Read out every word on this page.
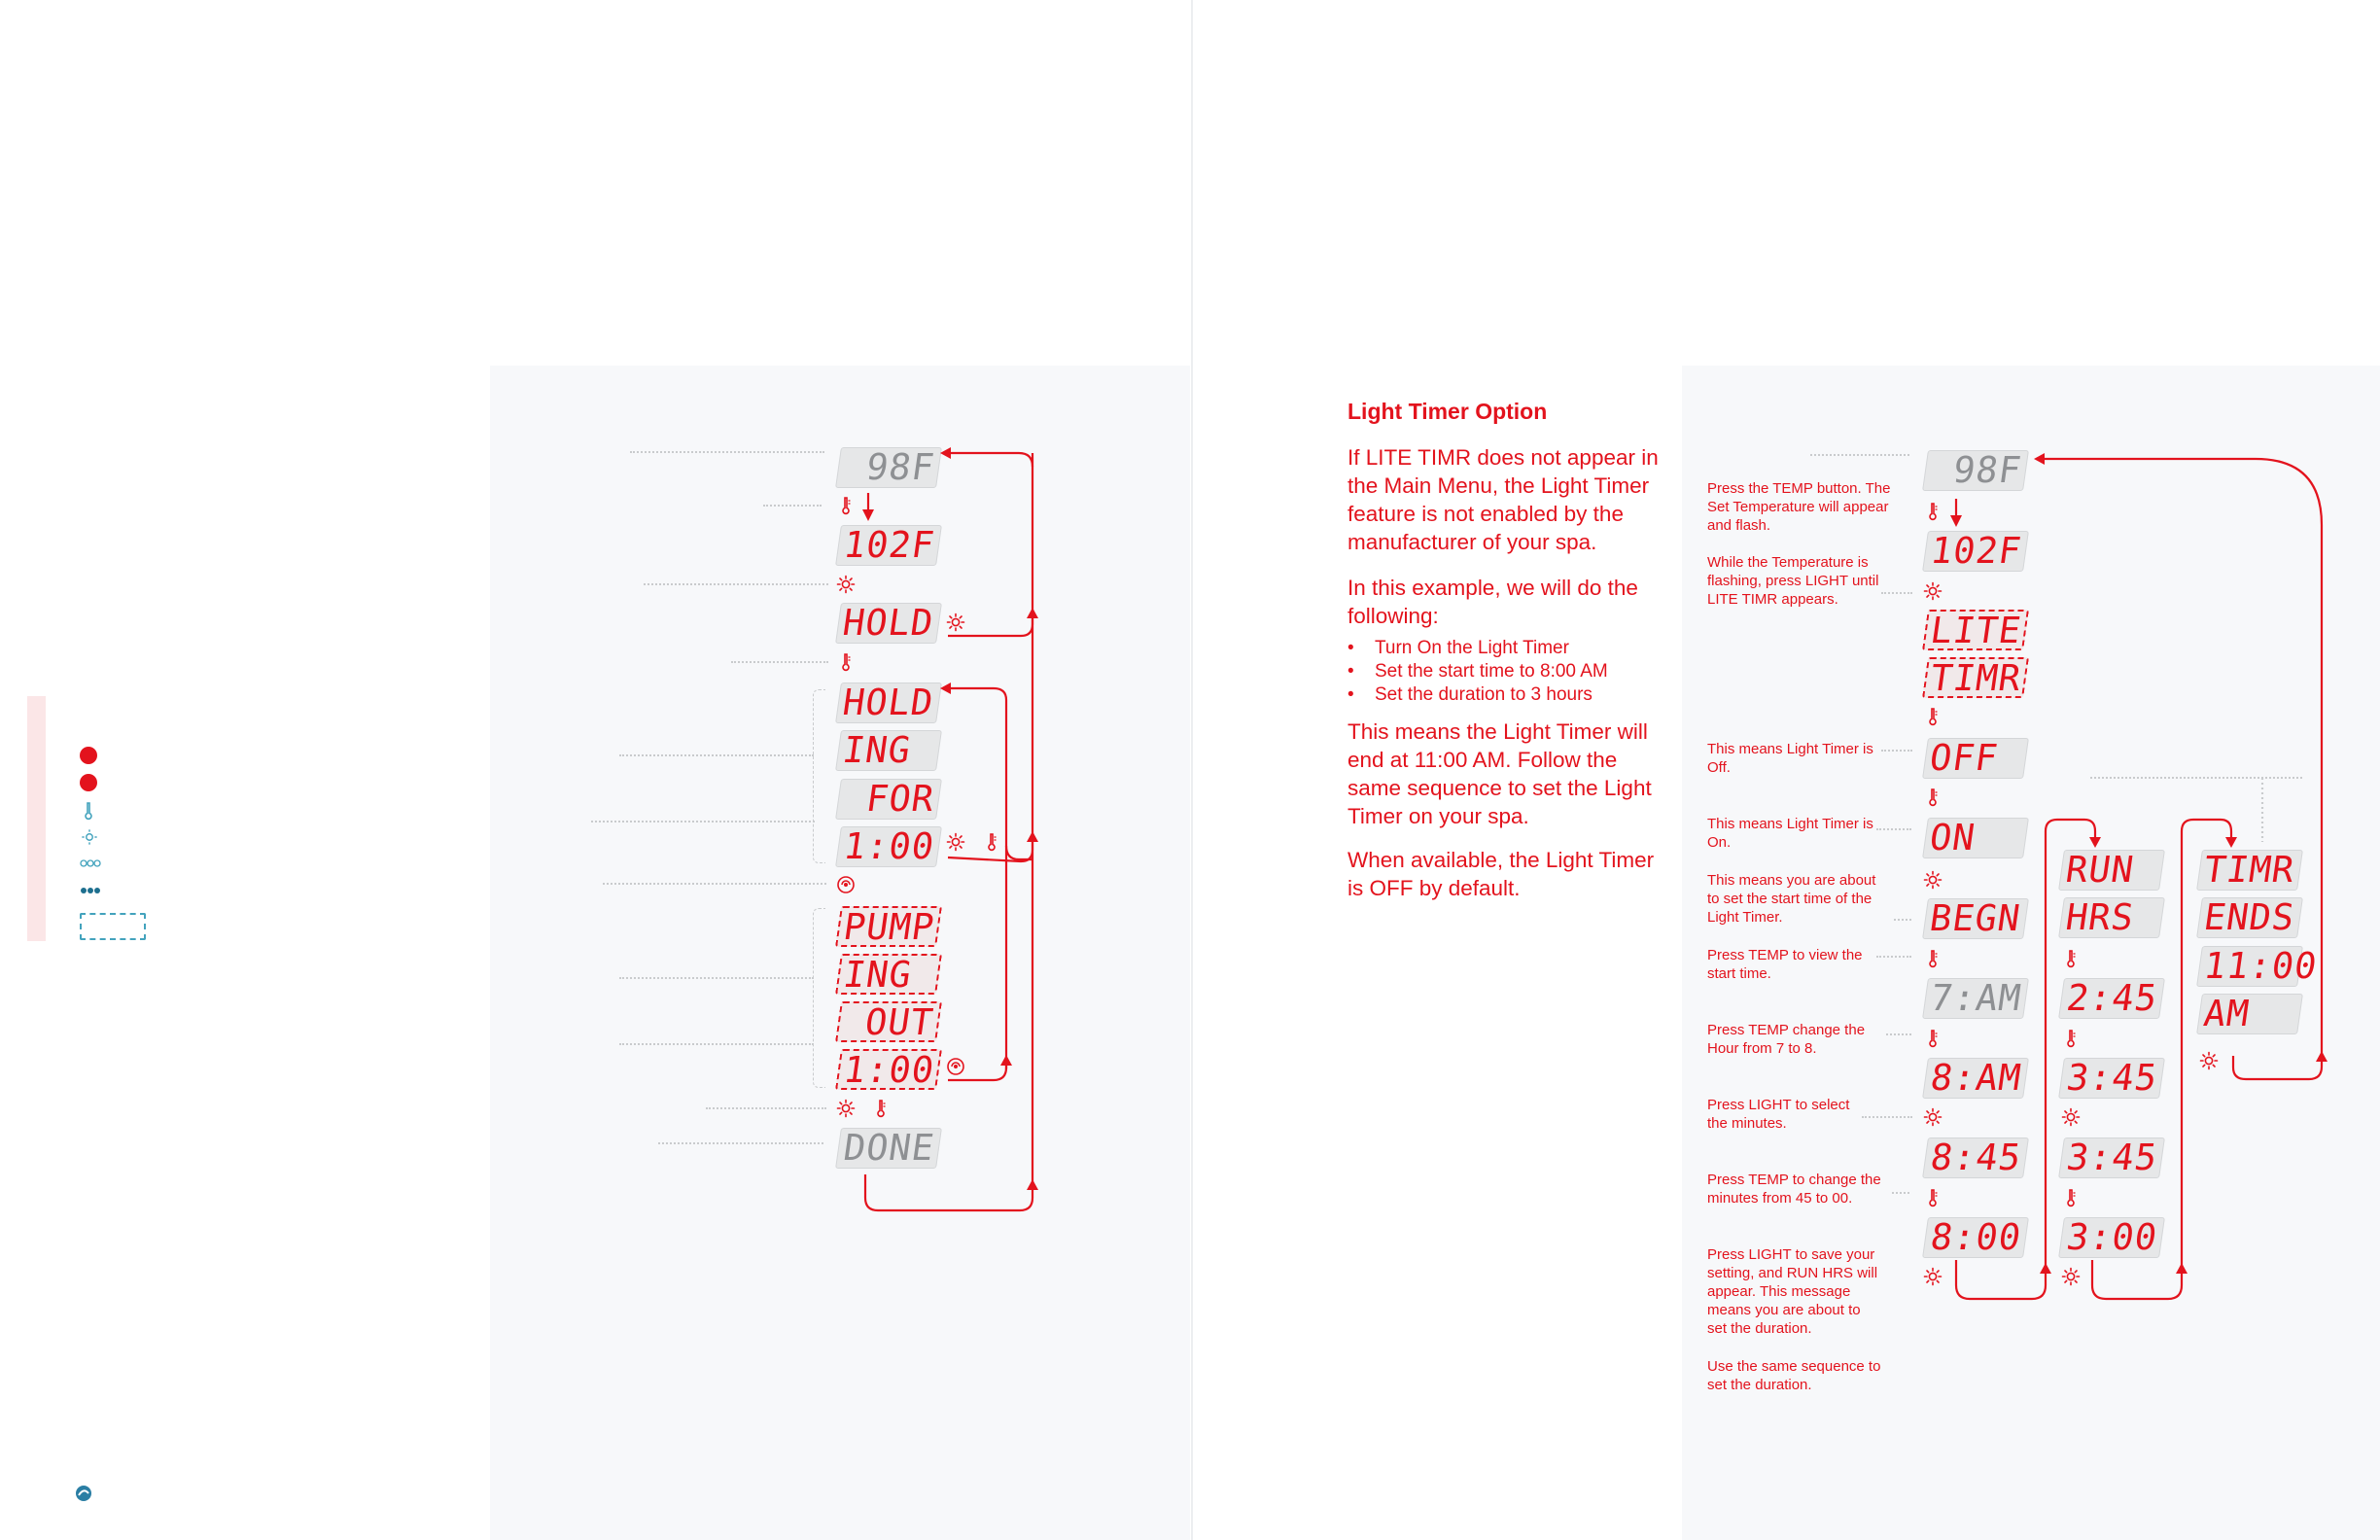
98F
102F
HOLD
HOLD
ING
FOR
1:00
PUMP
ING
OUT
1:00
DONE
Light Timer Option

If LITE TIMR does not appear in the Main Menu, the Light Timer feature is not enabled by the manufacturer of your spa.

In this example, we will do the following:

• Turn On the Light Timer
• Set the start time to 8:00 AM
• Set the duration to 3 hours

This means the Light Timer will end at 11:00 AM. Follow the same sequence to set the Light Timer on your spa.

When available, the Light Timer is OFF by default.

Press the TEMP button. The Set Temperature will appear and flash.
While the Temperature is flashing, press LIGHT until LITE TIMR appears.
This means Light Timer is Off.
This means Light Timer is On.
This means you are about to set the start time of the Light Timer.
Press TEMP to view the start time.
Press TEMP change the Hour from 7 to 8.
Press LIGHT to select the minutes.
Press TEMP to change the minutes from 45 to 00.
Press LIGHT to save your setting, and RUN HRS will appear. This message means you are about to set the duration.
Use the same sequence to set the duration.
98F
102F
LITE
TIMR
OFF
ON
BEGN
7:AM
8:AM
8:45
8:00
RUN
HRS
2:45
3:45
3:45
3:00
TIMR
ENDS
11:00
AM
